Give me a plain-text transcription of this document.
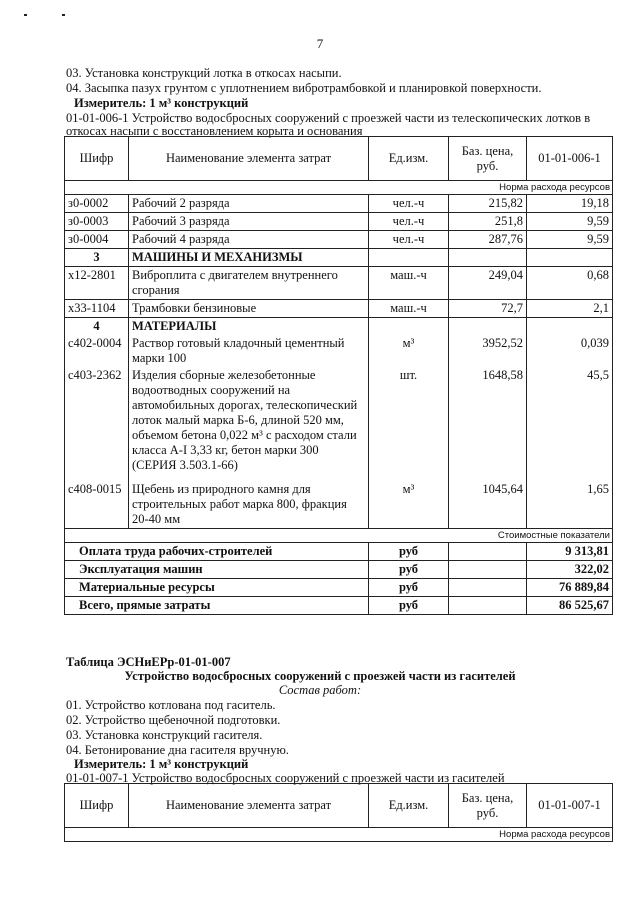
7
03. Установка конструкций лотка в откосах насыпи.
04. Засыпка пазух грунтом с уплотнением вибротрамбовкой и планировкой поверхности.
Измеритель: 1 м³ конструкций
01-01-006-1 Устройство водосбросных сооружений с проезжей части из телескопических лотков в
откосах насыпи с восстановлением корыта и основания
Шифр	Наименование элемента затрат	Ед.изм.	Баз. цена, руб.	01-01-006-1
Норма расхода ресурсов				
з0-0002	Рабочий 2 разряда	чел.-ч	215,82	19,18
з0-0003	Рабочий 3 разряда	чел.-ч	251,8	9,59
з0-0004	Рабочий 4 разряда	чел.-ч	287,76	9,59
3	МАШИНЫ И МЕХАНИЗМЫ			
х12-2801	Виброплита с двигателем внутреннего сгорания	маш.-ч	249,04	0,68
х33-1104	Трамбовки бензиновые	маш.-ч	72,7	2,1
4	МАТЕРИАЛЫ			
с402-0004	Раствор готовый кладочный цементный марки 100	м³	3952,52	0,039
с403-2362	Изделия сборные железобетонные водоотводных сооружений на автомобильных дорогах, телескопический лоток малый марка Б-6, длиной 520 мм, объемом бетона 0,022 м³ с расходом стали класса А-I 3,33 кг, бетон марки 300 (СЕРИЯ 3.503.1-66)	шт.	1648,58	45,5
с408-0015	Щебень из природного камня для строительных работ марка 800, фракция 20-40 мм	м³	1045,64	1,65
Стоимостные показатели				
Оплата труда рабочих-строителей		руб		9 313,81
Эксплуатация машин		руб		322,02
Материальные ресурсы		руб		76 889,84
Всего, прямые затраты		руб		86 525,67
Таблица ЭСНиЕРр-01-01-007
Устройство водосбросных сооружений с проезжей части из гасителей
Состав работ:
01. Устройство котлована под гаситель.
02. Устройство щебеночной подготовки.
03. Установка конструкций гасителя.
04. Бетонирование дна гасителя вручную.
Измеритель: 1 м³ конструкций
01-01-007-1 Устройство водосбросных сооружений с проезжей части из гасителей
Шифр	Наименование элемента затрат	Ед.изм.	Баз. цена, руб.	01-01-007-1
Норма расхода ресурсов
